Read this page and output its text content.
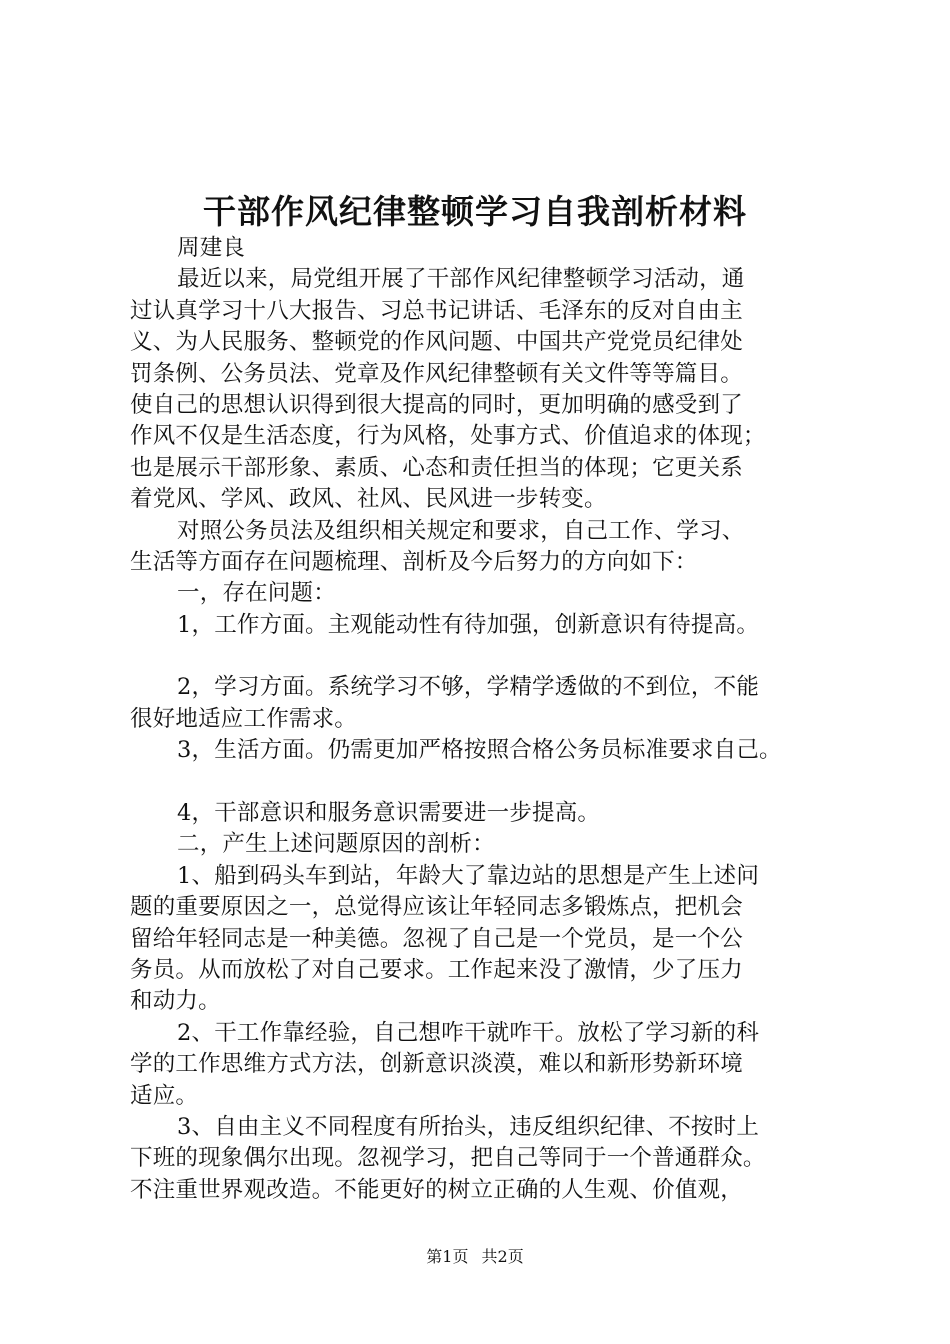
干部作风纪律整顿学习自我剖析材料
周建良
最近以来，局党组开展了干部作风纪律整顿学习活动，通
过认真学习十八大报告、习总书记讲话、毛泽东的反对自由主
义、为人民服务、整顿党的作风问题、中国共产党党员纪律处
罚条例、公务员法、党章及作风纪律整顿有关文件等等篇目。
使自己的思想认识得到很大提高的同时，更加明确的感受到了
作风不仅是生活态度，行为风格，处事方式、价值追求的体现；
也是展示干部形象、素质、心态和责任担当的体现；它更关系
着党风、学风、政风、社风、民风进一步转变。
对照公务员法及组织相关规定和要求，自己工作、学习、
生活等方面存在问题梳理、剖析及今后努力的方向如下：
一，存在问题：
1，工作方面。主观能动性有待加强，创新意识有待提高。
2，学习方面。系统学习不够，学精学透做的不到位，不能
很好地适应工作需求。
3，生活方面。仍需更加严格按照合格公务员标准要求自己。
4，干部意识和服务意识需要进一步提高。
二，产生上述问题原因的剖析：
1、船到码头车到站，年龄大了靠边站的思想是产生上述问
题的重要原因之一，总觉得应该让年轻同志多锻炼点，把机会
留给年轻同志是一种美德。忽视了自己是一个党员，是一个公
务员。从而放松了对自己要求。工作起来没了激情，少了压力
和动力。
2、干工作靠经验，自己想咋干就咋干。放松了学习新的科
学的工作思维方式方法，创新意识淡漠，难以和新形势新环境
适应。
3、自由主义不同程度有所抬头，违反组织纪律、不按时上
下班的现象偶尔出现。忽视学习，把自己等同于一个普通群众。
不注重世界观改造。不能更好的树立正确的人生观、价值观，
第1页 共2页
